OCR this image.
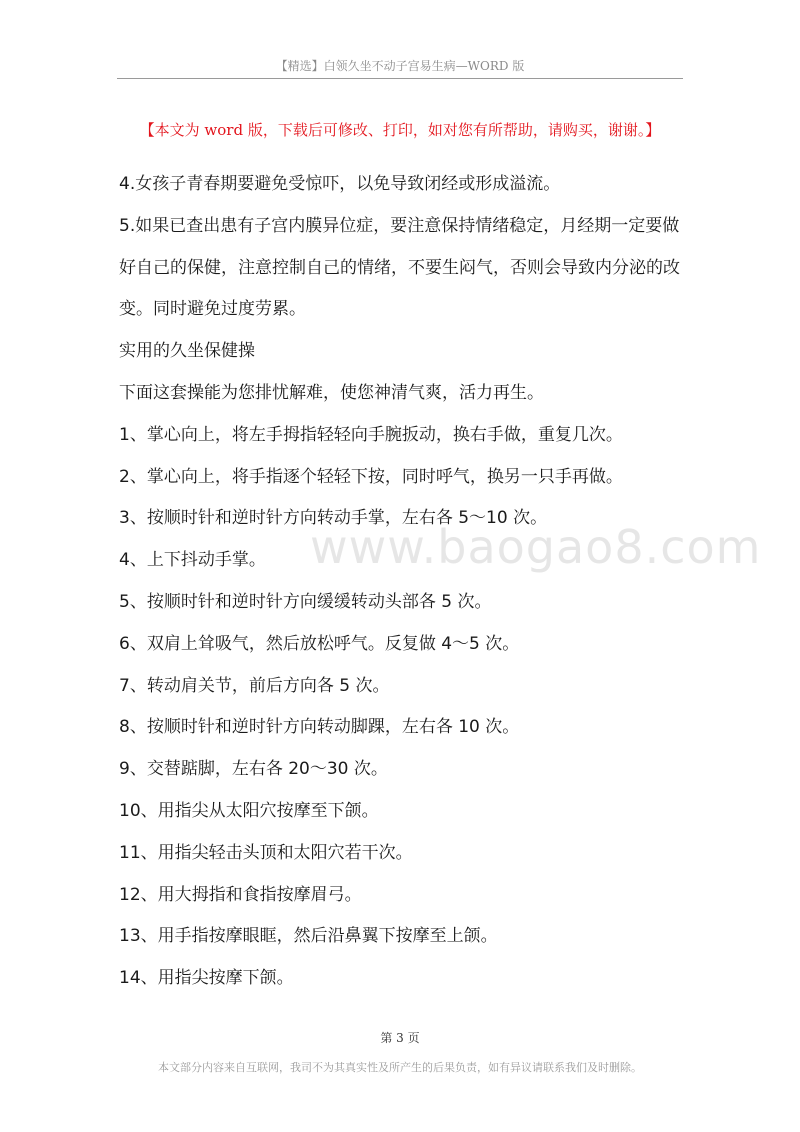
【精选】白领久坐不动子宫易生病—WORD 版
【本文为 word 版，下载后可修改、打印，如对您有所帮助，请购买，谢谢。】

4.女孩子青春期要避免受惊吓，以免导致闭经或形成溢流。

5.如果已查出患有子宫内膜异位症，要注意保持情绪稳定，月经期一定要做好自己的保健，注意控制自己的情绪，不要生闷气，否则会导致内分泌的改变。同时避免过度劳累。

实用的久坐保健操

下面这套操能为您排忧解难，使您神清气爽，活力再生。

1、掌心向上，将左手拇指轻轻向手腕扳动，换右手做，重复几次。

2、掌心向上，将手指逐个轻轻下按，同时呼气，换另一只手再做。

3、按顺时针和逆时针方向转动手掌，左右各 5～10 次。

4、上下抖动手掌。

5、按顺时针和逆时针方向缓缓转动头部各 5 次。

6、双肩上耸吸气，然后放松呼气。反复做 4～5 次。

7、转动肩关节，前后方向各 5 次。

8、按顺时针和逆时针方向转动脚踝，左右各 10 次。

9、交替踮脚，左右各 20～30 次。

10、用指尖从太阳穴按摩至下颌。

11、用指尖轻击头顶和太阳穴若干次。

12、用大拇指和食指按摩眉弓。

13、用手指按摩眼眶，然后沿鼻翼下按摩至上颌。

14、用指尖按摩下颌。

www.baogao8.com
第 3 页
本文部分内容来自互联网，我司不为其真实性及所产生的后果负责，如有异议请联系我们及时删除。
